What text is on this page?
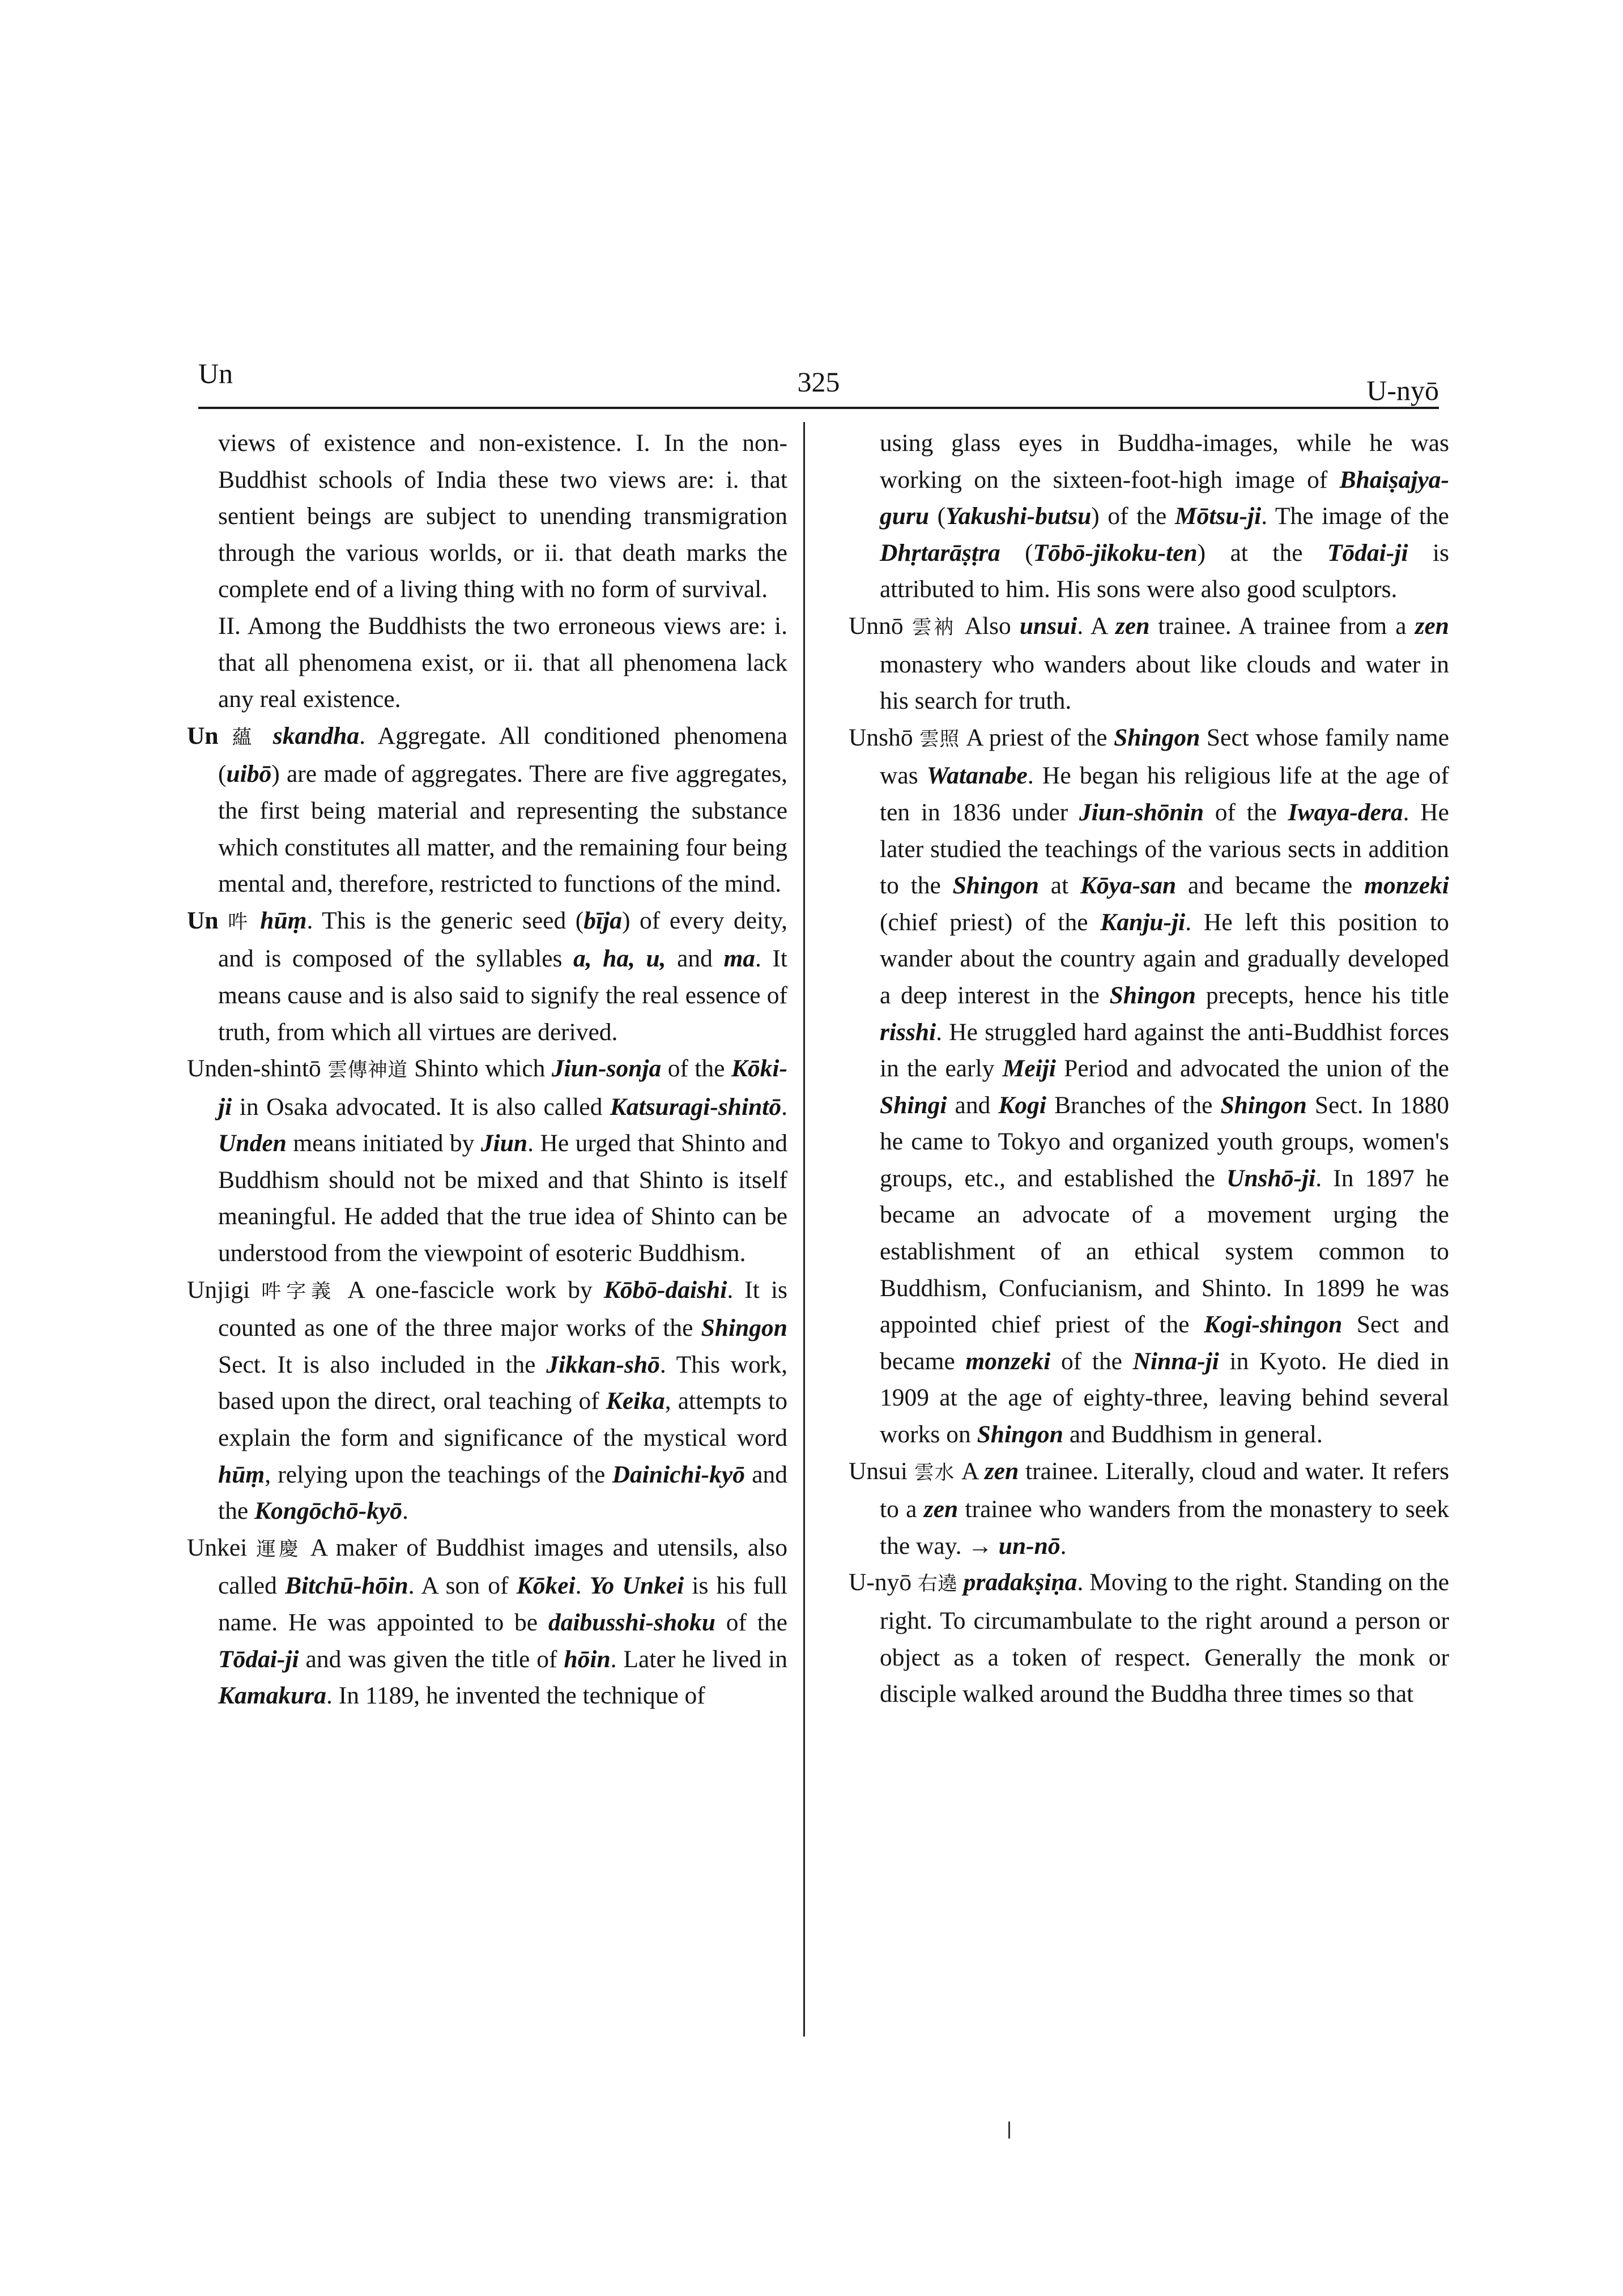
Un	325	U-nyō
views of existence and non-existence. I. In the non-Buddhist schools of India these two views are: i. that sentient beings are subject to unending transmigration through the various worlds, or ii. that death marks the complete end of a living thing with no form of survival.
II. Among the Buddhists the two erroneous views are: i. that all phenomena exist, or ii. that all phenomena lack any real existence.
Un 蘊 skandha. Aggregate. All conditioned phenomena (uibō) are made of aggregates. There are five aggregates, the first being material and representing the substance which constitutes all matter, and the remaining four being mental and, therefore, restricted to functions of the mind.
Un 吽 hūṃ. This is the generic seed (bīja) of every deity, and is composed of the syllables a, ha, u, and ma. It means cause and is also said to signify the real essence of truth, from which all virtues are derived.
Unden-shintō 雲傳神道 Shinto which Jiun-sonja of the Kōki-ji in Osaka advocated. It is also called Katsuragi-shintō. Unden means initiated by Jiun. He urged that Shinto and Buddhism should not be mixed and that Shinto is itself meaningful. He added that the true idea of Shinto can be understood from the viewpoint of esoteric Buddhism.
Unjigi 吽字義 A one-fascicle work by Kōbō-daishi. It is counted as one of the three major works of the Shingon Sect. It is also included in the Jikkan-shō. This work, based upon the direct, oral teaching of Keika, attempts to explain the form and significance of the mystical word hūṃ, relying upon the teachings of the Dainichi-kyō and the Kongōchō-kyō.
Unkei 運慶 A maker of Buddhist images and utensils, also called Bitchū-hōin. A son of Kōkei. Yo Unkei is his full name. He was appointed to be daibusshi-shoku of the Tōdai-ji and was given the title of hōin. Later he lived in Kamakura. In 1189, he invented the technique of
using glass eyes in Buddha-images, while he was working on the sixteen-foot-high image of Bhaiṣajya-guru (Yakushi-butsu) of the Mōtsu-ji. The image of the Dhṛtarāṣṭra (Tōbō-jikoku-ten) at the Tōdai-ji is attributed to him. His sons were also good sculptors.
Unnō 雲衲 Also unsui. A zen trainee. A trainee from a zen monastery who wanders about like clouds and water in his search for truth.
Unshō 雲照 A priest of the Shingon Sect whose family name was Watanabe. He began his religious life at the age of ten in 1836 under Jiun-shōnin of the Iwaya-dera. He later studied the teachings of the various sects in addition to the Shingon at Kōya-san and became the monzeki (chief priest) of the Kanju-ji. He left this position to wander about the country again and gradually developed a deep interest in the Shingon precepts, hence his title risshi. He struggled hard against the anti-Buddhist forces in the early Meiji Period and advocated the union of the Shingi and Kogi Branches of the Shingon Sect. In 1880 he came to Tokyo and organized youth groups, women's groups, etc., and established the Unshō-ji. In 1897 he became an advocate of a movement urging the establishment of an ethical system common to Buddhism, Confucianism, and Shinto. In 1899 he was appointed chief priest of the Kogi-shingon Sect and became monzeki of the Ninna-ji in Kyoto. He died in 1909 at the age of eighty-three, leaving behind several works on Shingon and Buddhism in general.
Unsui 雲水 A zen trainee. Literally, cloud and water. It refers to a zen trainee who wanders from the monastery to seek the way. → un-nō.
U-nyō 右遶 pradakṣiṇa. Moving to the right. Standing on the right. To circumambulate to the right around a person or object as a token of respect. Generally the monk or disciple walked around the Buddha three times so that
